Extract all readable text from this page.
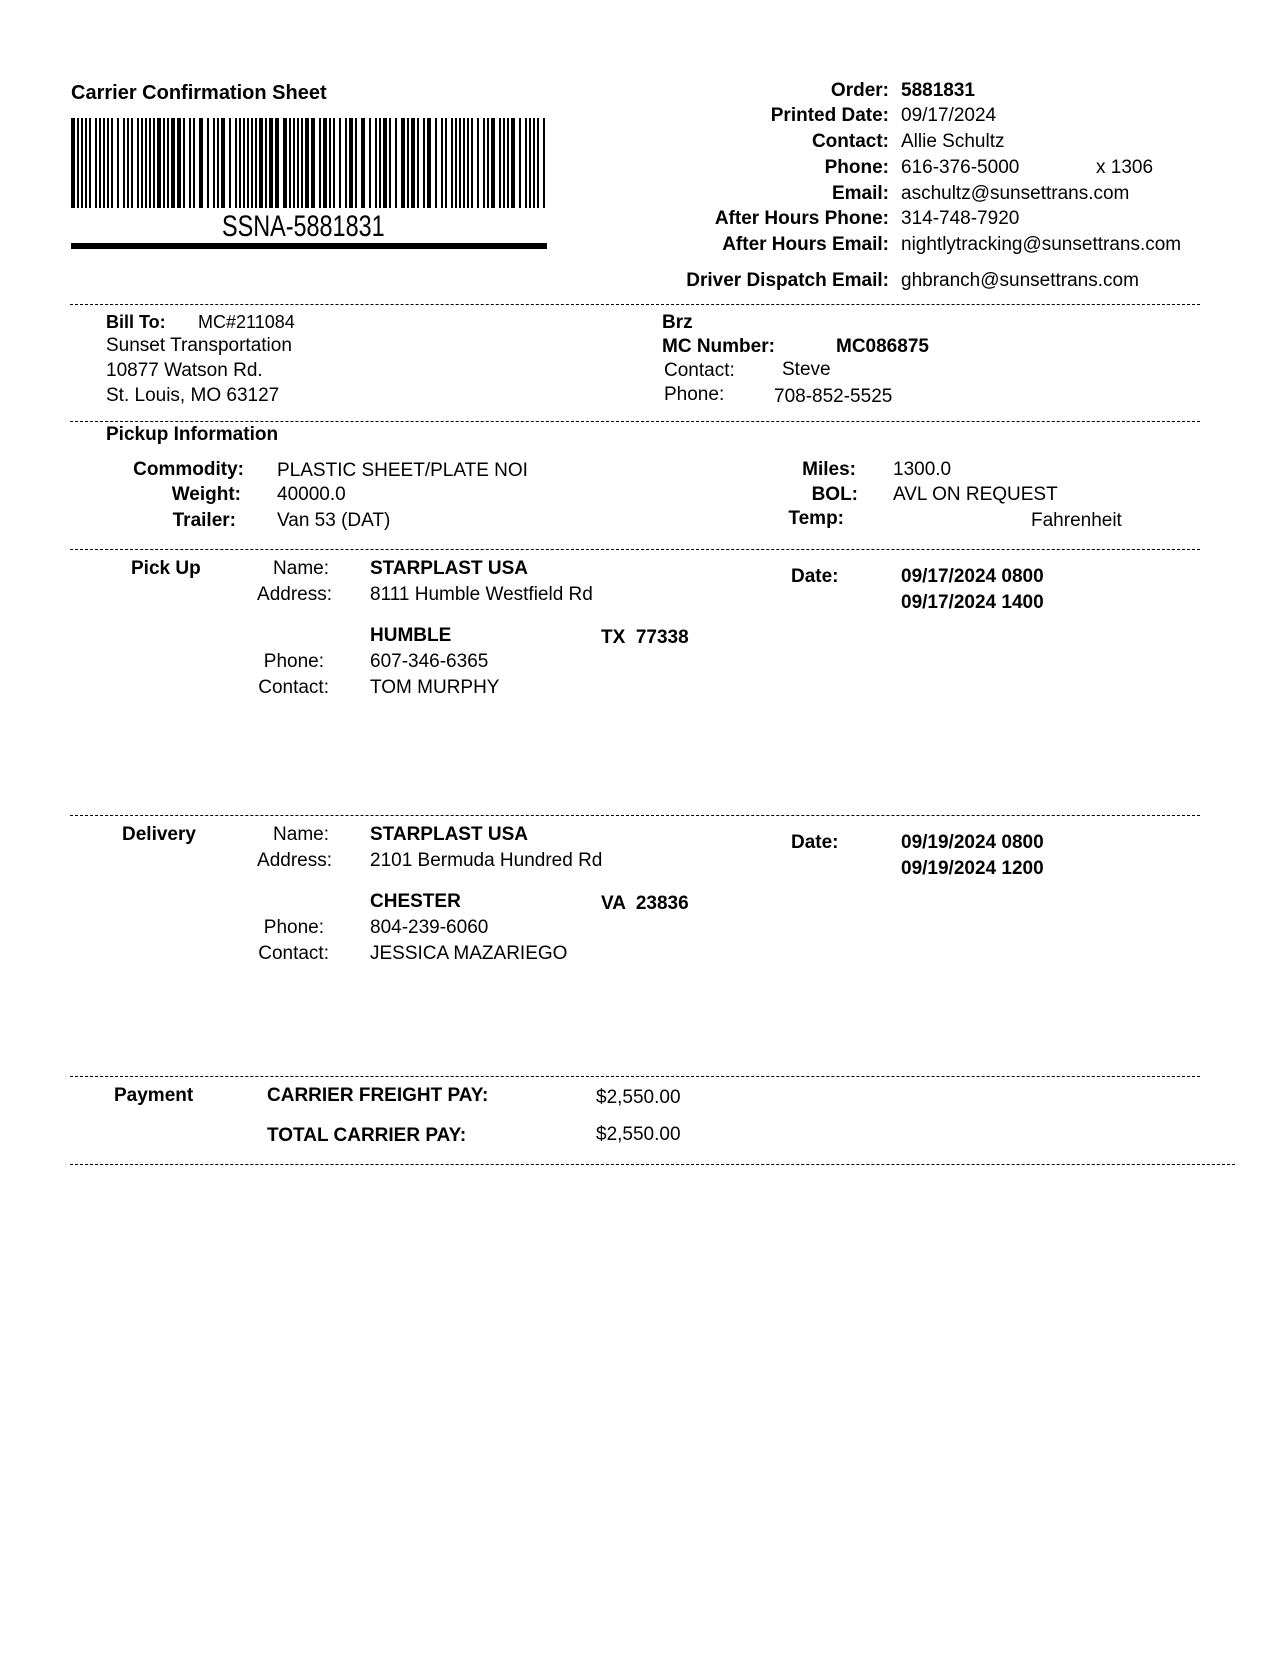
Carrier Confirmation Sheet
SSNA-5881831
Order: 5881831
Printed Date: 09/17/2024
Contact: Allie Schultz
Phone: 616-376-5000	x 1306
Email: aschultz@sunsettrans.com
After Hours Phone: 314-748-7920
After Hours Email: nightlytracking@sunsettrans.com
Driver Dispatch Email: ghbranch@sunsettrans.com
Bill To: MC#211084
Sunset Transportation
10877 Watson Rd.
St. Louis, MO 63127
Brz
MC Number:	MC086875
Contact: Steve
Phone:	708-852-5525
Pickup Information
Commodity: PLASTIC SHEET/PLATE NOI
Weight: 40000.0
Trailer: Van 53 (DAT)
Miles: 1300.0
BOL: AVL ON REQUEST
Temp:	Fahrenheit
Pick Up	Name: STARPLAST USA
Address: 8111 Humble Westfield Rd
HUMBLE	TX  77338
Phone: 607-346-6365
Contact: TOM MURPHY
Date:	09/17/2024 0800
09/17/2024 1400
Delivery	Name: STARPLAST USA
Address: 2101 Bermuda Hundred Rd
CHESTER	VA  23836
Phone: 804-239-6060
Contact: JESSICA MAZARIEGO
Date:	09/19/2024 0800
09/19/2024 1200
Payment	CARRIER FREIGHT PAY:	$2,550.00
TOTAL CARRIER PAY:	$2,550.00
